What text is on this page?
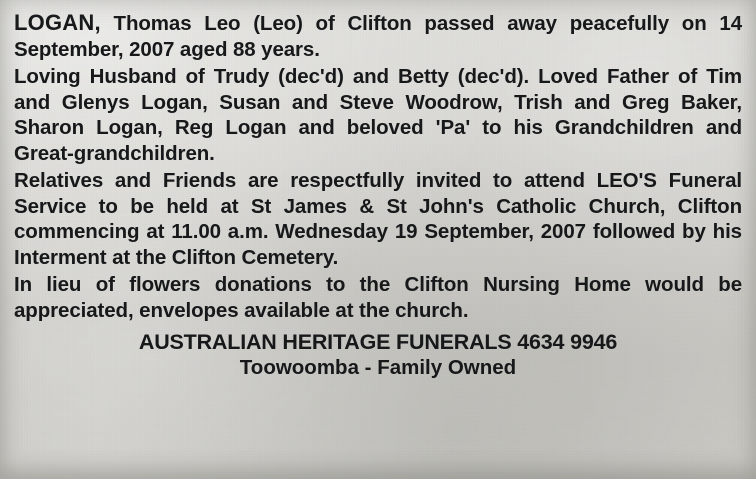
LOGAN, Thomas Leo (Leo) of Clifton passed away peacefully on 14 September, 2007 aged 88 years.

Loving Husband of Trudy (dec'd) and Betty (dec'd). Loved Father of Tim and Glenys Logan, Susan and Steve Woodrow, Trish and Greg Baker, Sharon Logan, Reg Logan and beloved 'Pa' to his Grandchildren and Great-grandchildren.

Relatives and Friends are respectfully invited to attend LEO'S Funeral Service to be held at St James & St John's Catholic Church, Clifton commencing at 11.00 a.m. Wednesday 19 September, 2007 followed by his Interment at the Clifton Cemetery.

In lieu of flowers donations to the Clifton Nursing Home would be appreciated, envelopes available at the church.

AUSTRALIAN HERITAGE FUNERALS 4634 9946
Toowoomba - Family Owned
